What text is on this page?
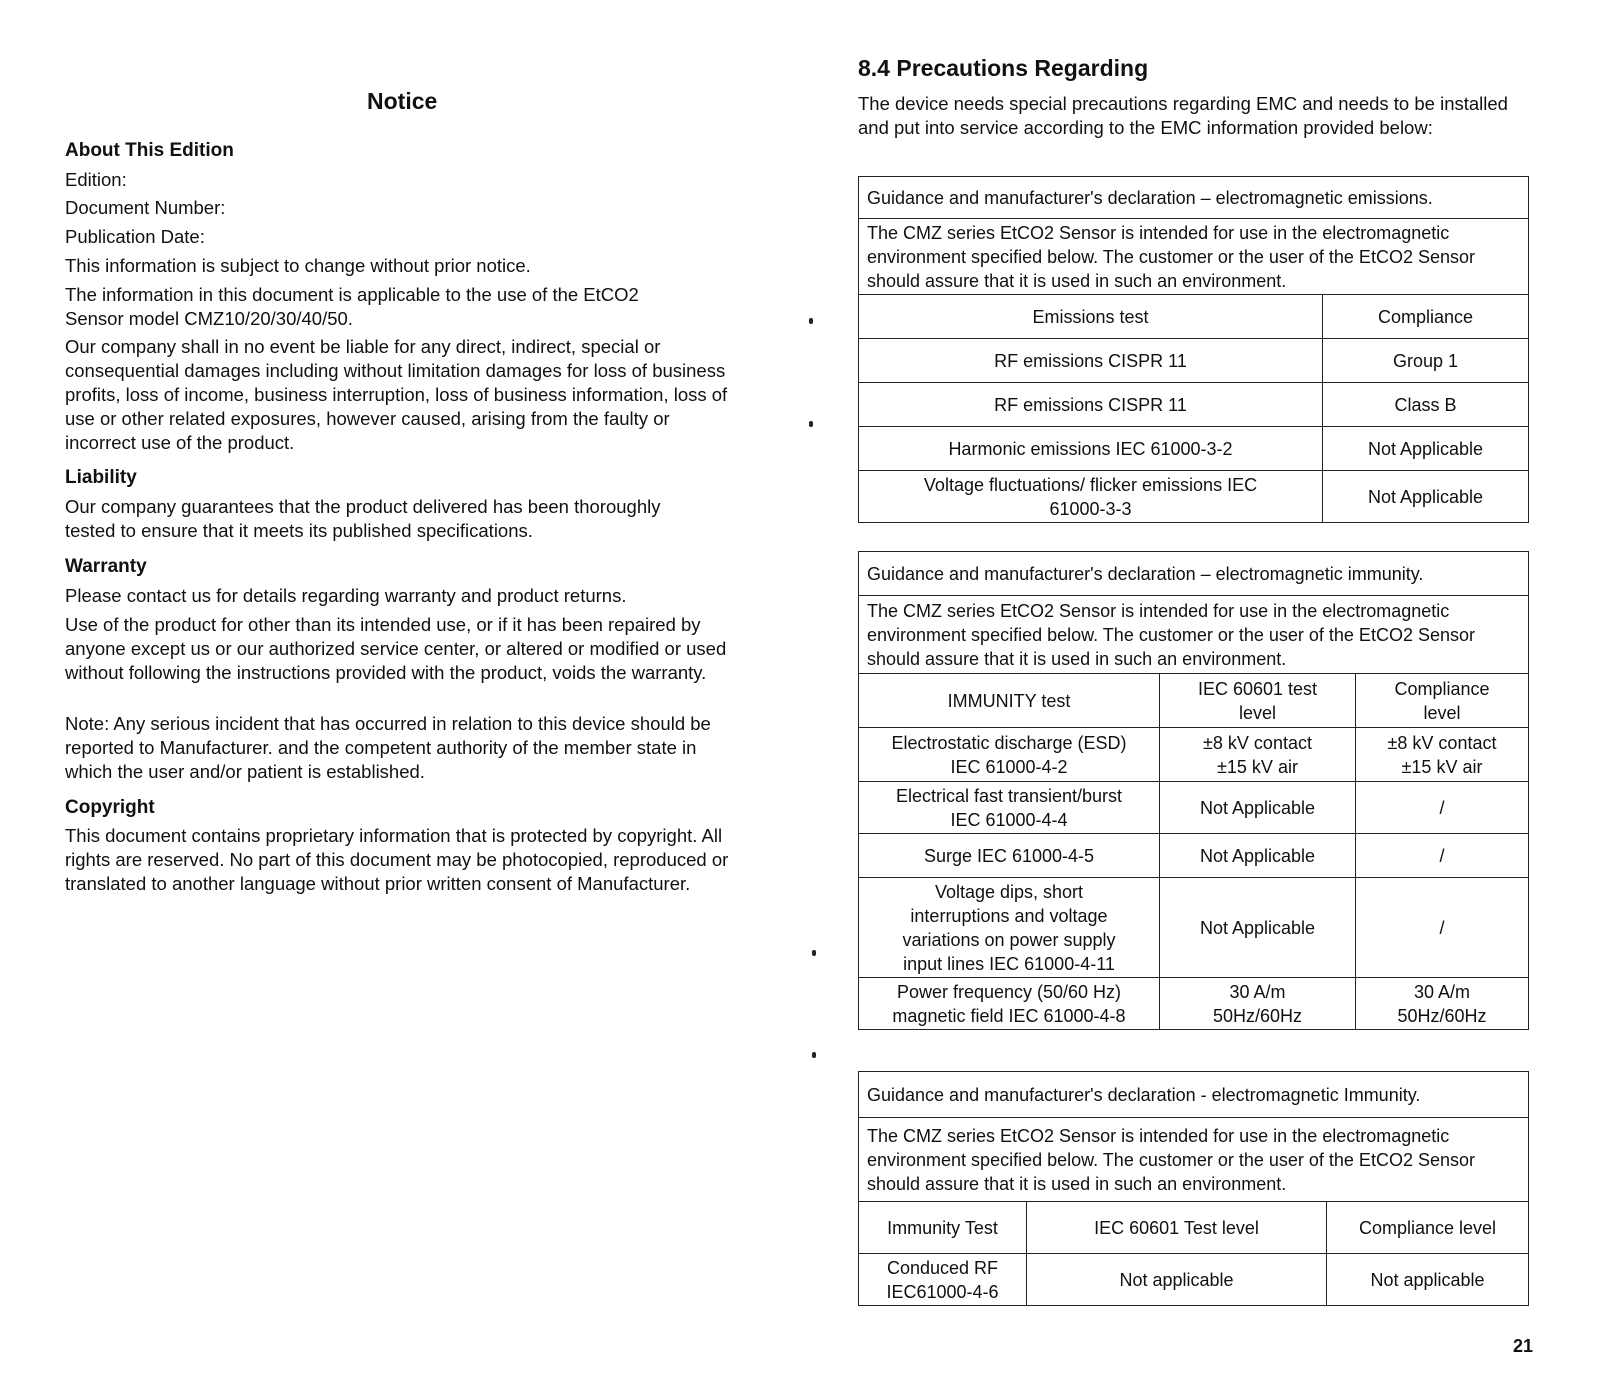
Notice

About This Edition

Edition:

Document Number:

Publication Date:

This information is subject to change without prior notice.

The information in this document is applicable to the use of the EtCO2 Sensor model CMZ10/20/30/40/50.

Our company shall in no event be liable for any direct, indirect, special or consequential damages including without limitation damages for loss of business profits, loss of income, business interruption, loss of business information, loss of use or other related exposures, however caused, arising from the faulty or incorrect use of the product.

Liability

Our company guarantees that the product delivered has been thoroughly tested to ensure that it meets its published specifications.

Warranty

Please contact us for details regarding warranty and product returns.

Use of the product for other than its intended use, or if it has been repaired by anyone except us or our authorized service center, or altered or modified or used without following the instructions provided with the product, voids the warranty.

Note: Any serious incident that has occurred in relation to this device should be reported to Manufacturer. and the competent authority of the member state in which the user and/or patient is established.

Copyright

This document contains proprietary information that is protected by copyright. All rights are reserved. No part of this document may be photocopied, reproduced or translated to another language without prior written consent of Manufacturer.

8.4 Precautions Regarding

The device needs special precautions regarding EMC and needs to be installed and put into service according to the EMC information provided below:

Guidance and manufacturer's declaration – electromagnetic emissions.	
The CMZ series EtCO2 Sensor is intended for use in the electromagnetic environment specified below. The customer or the user of the EtCO2 Sensor should assure that it is used in such an environment.	
Emissions test	Compliance
RF emissions CISPR 11	Group 1
RF emissions CISPR 11	Class B
Harmonic emissions IEC 61000-3-2	Not Applicable
Voltage fluctuations/ flicker emissions IEC 61000-3-3	Not Applicable
Guidance and manufacturer's declaration – electromagnetic immunity.		
The CMZ series EtCO2 Sensor is intended for use in the electromagnetic environment specified below. The customer or the user of the EtCO2 Sensor should assure that it is used in such an environment.		
IMMUNITY test	IEC 60601 test level	Compliance level
Electrostatic discharge (ESD) IEC 61000-4-2	±8 kV contact ±15 kV air	±8 kV contact ±15 kV air
Electrical fast transient/burst IEC 61000-4-4	Not Applicable	/
Surge IEC 61000-4-5	Not Applicable	/
Voltage dips, short interruptions and voltage variations on power supply input lines IEC 61000-4-11	Not Applicable	/
Power frequency (50/60 Hz) magnetic field IEC 61000-4-8	30 A/m 50Hz/60Hz	30 A/m 50Hz/60Hz
Guidance and manufacturer's declaration - electromagnetic Immunity.		
The CMZ series EtCO2 Sensor is intended for use in the electromagnetic environment specified below. The customer or the user of the EtCO2 Sensor should assure that it is used in such an environment.		
Immunity Test	IEC 60601 Test level	Compliance level
Conduced RF IEC61000-4-6	Not applicable	Not applicable

21
